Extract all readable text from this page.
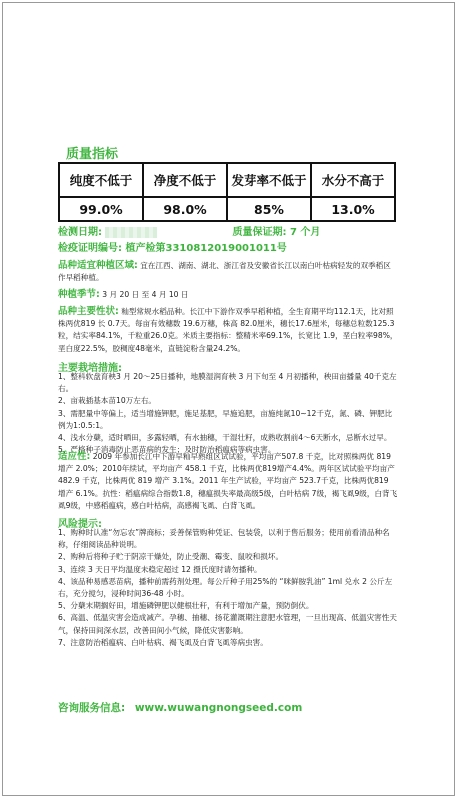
质量指标
纯度不低于	净度不低于	发芽率不低于	水分不高于
99.0%	98.0%	85%	13.0%
检测日期:	质量保证期: 7 个月
检疫证明编号: 植产检第3310812019001011号
品种适宜种植区域: 宜在江西、湖南、湖北、浙江省及安徽省长江以南白叶枯病轻发的双季稻区作早稻种植。
种植季节: 3 月 20 日 至 4 月 10 日
品种主要性状: 籼型常规水稻品种。长江中下游作双季早稻种植，全生育期平均112.1天，比对照株两优819 长 0.7天。每亩有效穗数 19.6万穗，株高 82.0厘米，穗长17.6厘米，每穗总粒数125.3粒，结实率84.1%，千粒重26.0克。米质主要指标：整精米率69.1%，长宽比 1.9，垩白粒率98%，垩白度22.5%，胶稠度48毫米，直链淀粉含量24.2%。
主要栽培措施:
1、整科软盘育秧3 月 20～25日播种，地膜湿润育秧 3 月下旬至 4 月初播种，秧田亩播量 40千克左右。
2、亩栽插基本苗10万左右。
3、需肥量中等偏上，适当增施钾肥，施足基肥，早施追肥，亩施纯氮10~12千克，氮、磷、钾肥比例为1:0.5:1。
4、浅水分蘖，适时晒田，多露轻晒，有水抽穗，干湿壮籽，成熟收割前4～6天断水，忌断水过早。
5、严格种子消毒防止恶苗病的发生；及时防治稻瘟病等病虫害。
适应性: 2009 年参加长江中下游早籼早熟组区试试验，平均亩产507.8 千克，比对照株两优 819 增产 2.0%；2010年续试，平均亩产 458.1 千克，比株两优819增产4.4%。两年区试试验平均亩产 482.9 千克，比株两优 819 增产 3.1%。2011 年生产试验，平均亩产 523.7千克，比株两优819 增产 6.1%。抗性：稻瘟病综合指数1.8，穗瘟损失率最高级5级，白叶枯病 7级，褐飞虱9级，白背飞虱9级，中感稻瘟病，感白叶枯病，高感褐飞虱、白背飞虱。
风险提示:
1、购种时认准“勿忘农”牌商标；妥善保管购种凭证、包装袋，以利于售后服务；使用前看清品种名称，仔细阅读品种说明。
2、购种后将种子贮于阴凉干燥处，防止受潮、霉变、鼠咬和损坏。
3、连续 3 天日平均温度未稳定超过 12 摄氏度时请勿播种。
4、该品种易感恶苗病，播种前需药剂处理。每公斤种子用25%的 “咪鲜胺乳油” 1ml 兑水 2 公斤左右，充分搅匀，浸种时间36-48 小时。
5、分蘖末期搁好田，增施磷钾肥以健根壮秆，有利于增加产量，预防倒伏。
6、高温、低温灾害会造成减产。孕穗、抽穗、扬花灌溉期注意肥水管理，一旦出现高、低温灾害性天气，保持田间深水层，改善田间小气候，降低灾害影响。
7、注意防治稻瘟病、白叶枯病、褐飞虱及白背飞虱等病虫害。
咨询服务信息: www.wuwangnongseed.com
